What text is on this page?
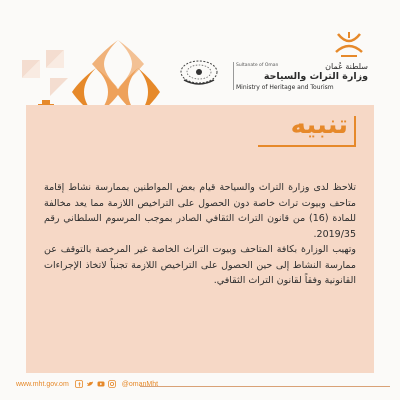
سلطنة عُمان
وزارة التراث والسياحة
Sultanate of Oman
Ministry of Heritage and Tourism
تنبيه

تلاحظ لدى وزارة التراث والسياحة قيام بعض المواطنين بممارسة نشاط إقامة متاحف وبيوت تراث خاصة دون الحصول على التراخيص اللازمة مما يعد مخالفة للمادة (16) من قانون التراث الثقافي الصادر بموجب المرسوم السلطاني رقم 2019/35.

وتهيب الوزارة بكافة المتاحف وبيوت التراث الخاصة غير المرخصة بالتوقف عن ممارسة النشاط إلى حين الحصول على التراخيص اللازمة تجنباً لاتخاذ الإجراءات القانونية وفقاً لقانون التراث الثقافي.

www.mht.gov.om	@omanMht
